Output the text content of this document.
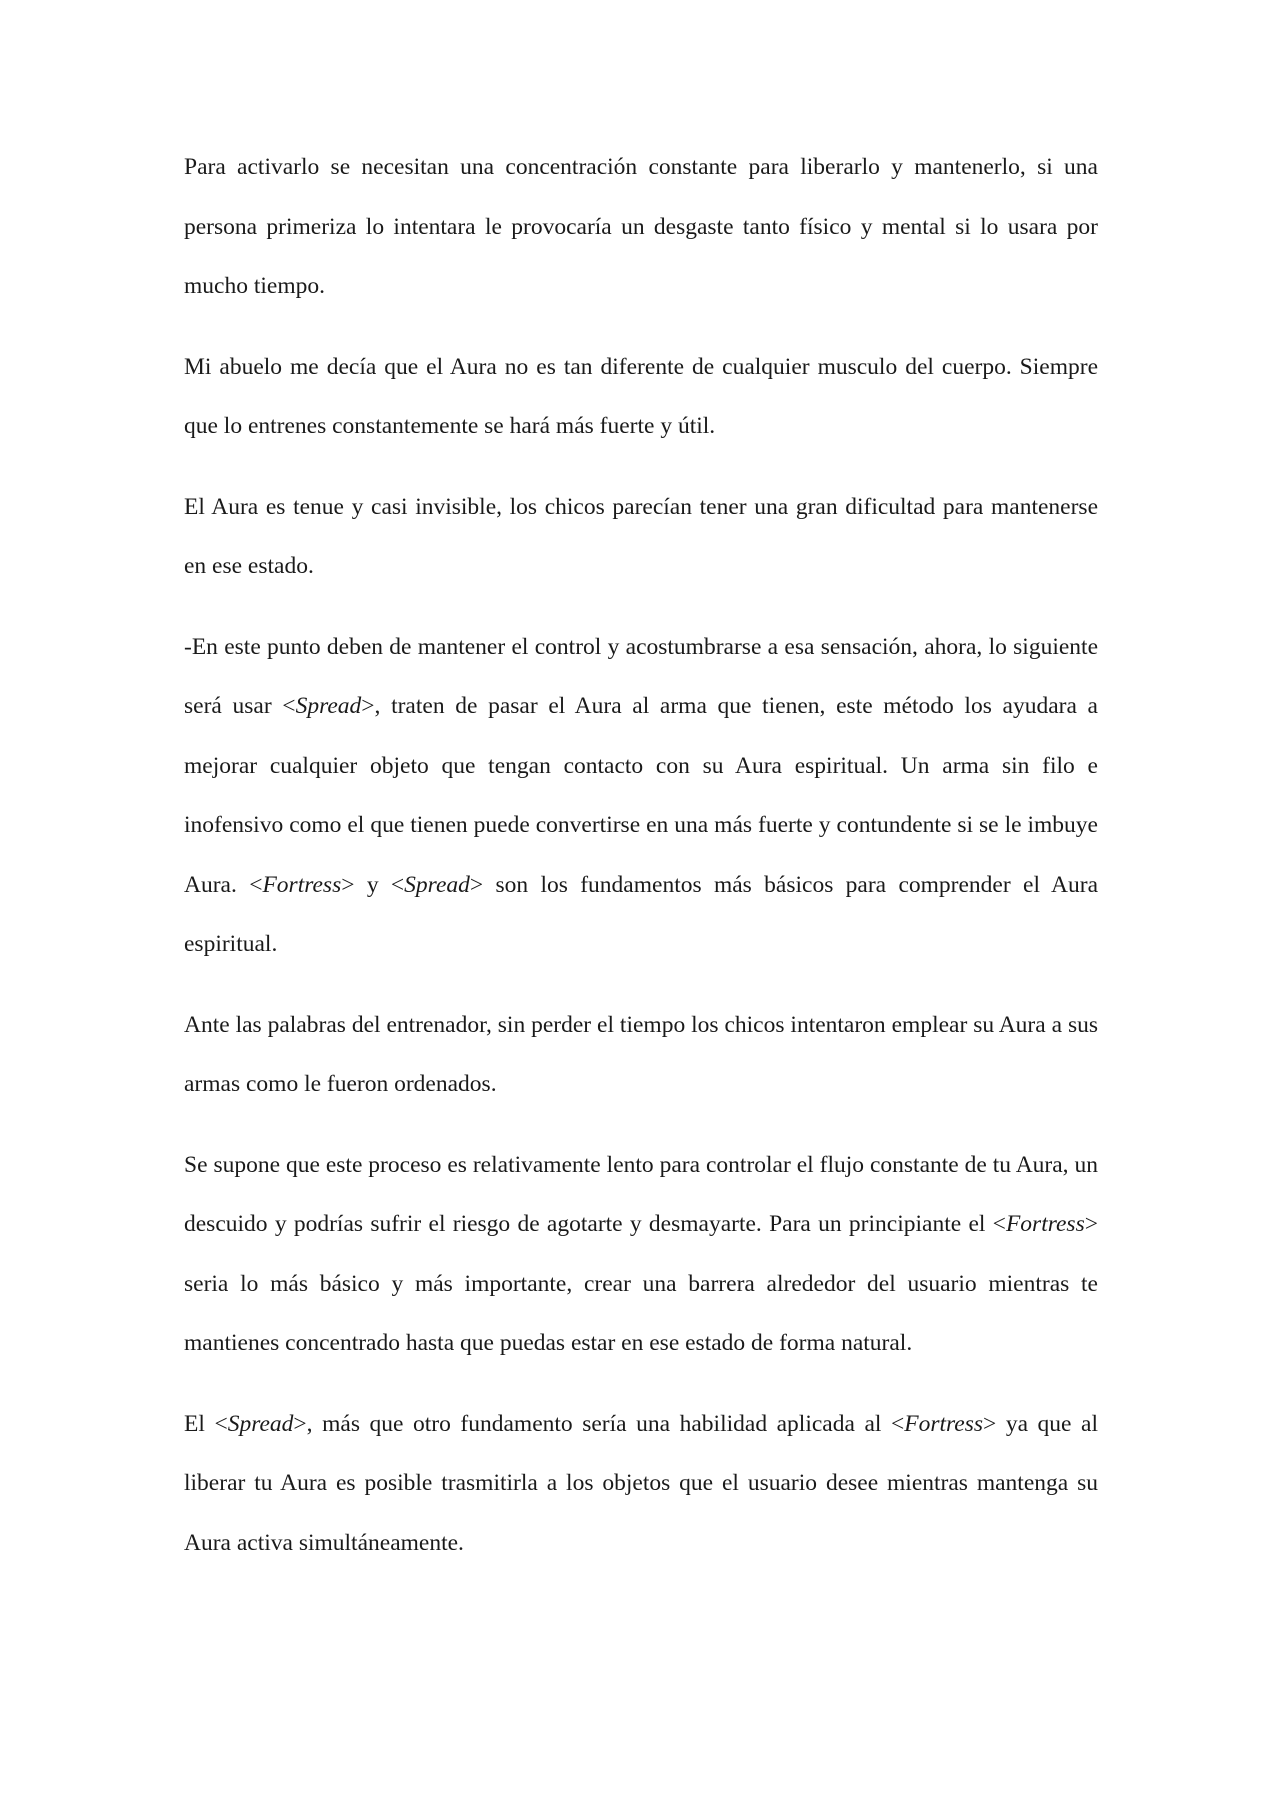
Para activarlo se necesitan una concentración constante para liberarlo y mantenerlo, si una persona primeriza lo intentara le provocaría un desgaste tanto físico y mental si lo usara por mucho tiempo.

Mi abuelo me decía que el Aura no es tan diferente de cualquier musculo del cuerpo. Siempre que lo entrenes constantemente se hará más fuerte y útil.

El Aura es tenue y casi invisible, los chicos parecían tener una gran dificultad para mantenerse en ese estado.

-En este punto deben de mantener el control y acostumbrarse a esa sensación, ahora, lo siguiente será usar <Spread>, traten de pasar el Aura al arma que tienen, este método los ayudara a mejorar cualquier objeto que tengan contacto con su Aura espiritual. Un arma sin filo e inofensivo como el que tienen puede convertirse en una más fuerte y contundente si se le imbuye Aura. <Fortress> y <Spread> son los fundamentos más básicos para comprender el Aura espiritual.

Ante las palabras del entrenador, sin perder el tiempo los chicos intentaron emplear su Aura a sus armas como le fueron ordenados.

Se supone que este proceso es relativamente lento para controlar el flujo constante de tu Aura, un descuido y podrías sufrir el riesgo de agotarte y desmayarte. Para un principiante el <Fortress> seria lo más básico y más importante, crear una barrera alrededor del usuario mientras te mantienes concentrado hasta que puedas estar en ese estado de forma natural.

El <Spread>, más que otro fundamento sería una habilidad aplicada al <Fortress> ya que al liberar tu Aura es posible trasmitirla a los objetos que el usuario desee mientras mantenga su Aura activa simultáneamente.
